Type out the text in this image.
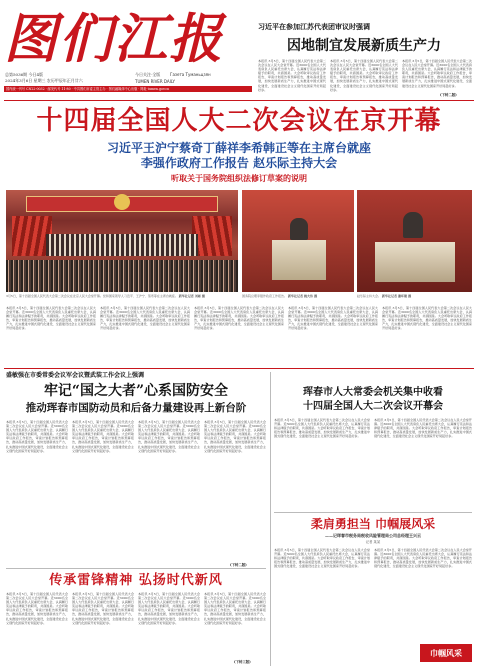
图们江报
总第5036期 今日4版
2024年3月6日 星期三 农历甲辰年正月廿六
今日关注·全版 Газета Туманьцзян
TUMEN RIVER DAILY
国内统一刊号 CN22-0032 · 邮发代号 11-80 · 中共图们市委主管主办 · 图们融媒体中心出版 · 网址 tumen.gov.cn
习近平在参加江苏代表团审议时强调
因地制宜发展新质生产力
本报讯 3月5日，第十四届全国人民代表大会第二次会议在人民大会堂开幕。近3000名全国人大代表肩负人民重托出席大会，认真履行宪法和法律赋予的职责，共商国是。大会听取审议政府工作报告，审查计划报告和预算报告，推动高质量发展，加快发展新质生产力，扎实推进中国式现代化建设，全面建设社会主义现代化国家开好局起好步。
本报讯 3月5日，第十四届全国人民代表大会第二次会议在人民大会堂开幕。近3000名全国人大代表肩负人民重托出席大会，认真履行宪法和法律赋予的职责，共商国是。大会听取审议政府工作报告，审查计划报告和预算报告，推动高质量发展，加快发展新质生产力，扎实推进中国式现代化建设，全面建设社会主义现代化国家开好局起好步。
本报讯 3月5日，第十四届全国人民代表大会第二次会议在人民大会堂开幕。近3000名全国人大代表肩负人民重托出席大会，认真履行宪法和法律赋予的职责，共商国是。大会听取审议政府工作报告，审查计划报告和预算报告，推动高质量发展，加快发展新质生产力，扎实推进中国式现代化建设，全面建设社会主义现代化国家开好局起好步。
(下转二版)
十四届全国人大二次会议在京开幕
习近平王沪宁蔡奇丁薛祥李希韩正等在主席台就座
李强作政府工作报告 赵乐际主持大会
听取关于国务院组织法修订草案的说明
3月5日，第十四届全国人民代表大会第二次会议在北京人民大会堂开幕。党和国家领导人习近平、王沪宁、蔡奇等在主席台就座。 新华社记者 刘彬 摄	国务院总理李强作政府工作报告。 新华社记者 姚大伟 摄	赵乐际主持大会。 新华社记者 谢环驰 摄
本报讯 3月5日，第十四届全国人民代表大会第二次会议在人民大会堂开幕。近3000名全国人大代表肩负人民重托出席大会，认真履行宪法和法律赋予的职责，共商国是。大会听取审议政府工作报告，审查计划报告和预算报告，推动高质量发展，加快发展新质生产力，扎实推进中国式现代化建设，全面建设社会主义现代化国家开好局起好步。
本报讯 3月5日，第十四届全国人民代表大会第二次会议在人民大会堂开幕。近3000名全国人大代表肩负人民重托出席大会，认真履行宪法和法律赋予的职责，共商国是。大会听取审议政府工作报告，审查计划报告和预算报告，推动高质量发展，加快发展新质生产力，扎实推进中国式现代化建设，全面建设社会主义现代化国家开好局起好步。
本报讯 3月5日，第十四届全国人民代表大会第二次会议在人民大会堂开幕。近3000名全国人大代表肩负人民重托出席大会，认真履行宪法和法律赋予的职责，共商国是。大会听取审议政府工作报告，审查计划报告和预算报告，推动高质量发展，加快发展新质生产力，扎实推进中国式现代化建设，全面建设社会主义现代化国家开好局起好步。
本报讯 3月5日，第十四届全国人民代表大会第二次会议在人民大会堂开幕。近3000名全国人大代表肩负人民重托出席大会，认真履行宪法和法律赋予的职责，共商国是。大会听取审议政府工作报告，审查计划报告和预算报告，推动高质量发展，加快发展新质生产力，扎实推进中国式现代化建设，全面建设社会主义现代化国家开好局起好步。
本报讯 3月5日，第十四届全国人民代表大会第二次会议在人民大会堂开幕。近3000名全国人大代表肩负人民重托出席大会，认真履行宪法和法律赋予的职责，共商国是。大会听取审议政府工作报告，审查计划报告和预算报告，推动高质量发展，加快发展新质生产力，扎实推进中国式现代化建设，全面建设社会主义现代化国家开好局起好步。
盛敏强在市委常委会议军会议暨武装工作会议上强调
牢记“国之大者”心系国防安全
推动珲春市国防动员和后备力量建设再上新台阶
本报讯 3月5日，第十四届全国人民代表大会第二次会议在人民大会堂开幕。近3000名全国人大代表肩负人民重托出席大会，认真履行宪法和法律赋予的职责，共商国是。大会听取审议政府工作报告，审查计划报告和预算报告，推动高质量发展，加快发展新质生产力，扎实推进中国式现代化建设，全面建设社会主义现代化国家开好局起好步。
本报讯 3月5日，第十四届全国人民代表大会第二次会议在人民大会堂开幕。近3000名全国人大代表肩负人民重托出席大会，认真履行宪法和法律赋予的职责，共商国是。大会听取审议政府工作报告，审查计划报告和预算报告，推动高质量发展，加快发展新质生产力，扎实推进中国式现代化建设，全面建设社会主义现代化国家开好局起好步。
本报讯 3月5日，第十四届全国人民代表大会第二次会议在人民大会堂开幕。近3000名全国人大代表肩负人民重托出席大会，认真履行宪法和法律赋予的职责，共商国是。大会听取审议政府工作报告，审查计划报告和预算报告，推动高质量发展，加快发展新质生产力，扎实推进中国式现代化建设，全面建设社会主义现代化国家开好局起好步。
本报讯 3月5日，第十四届全国人民代表大会第二次会议在人民大会堂开幕。近3000名全国人大代表肩负人民重托出席大会，认真履行宪法和法律赋予的职责，共商国是。大会听取审议政府工作报告，审查计划报告和预算报告，推动高质量发展，加快发展新质生产力，扎实推进中国式现代化建设，全面建设社会主义现代化国家开好局起好步。
(下转二版)
珲春市人大常委会机关集中收看
十四届全国人大二次会议开幕会
本报讯 3月5日，第十四届全国人民代表大会第二次会议在人民大会堂开幕。近3000名全国人大代表肩负人民重托出席大会，认真履行宪法和法律赋予的职责，共商国是。大会听取审议政府工作报告，审查计划报告和预算报告，推动高质量发展，加快发展新质生产力，扎实推进中国式现代化建设，全面建设社会主义现代化国家开好局起好步。
本报讯 3月5日，第十四届全国人民代表大会第二次会议在人民大会堂开幕。近3000名全国人大代表肩负人民重托出席大会，认真履行宪法和法律赋予的职责，共商国是。大会听取审议政府工作报告，审查计划报告和预算报告，推动高质量发展，加快发展新质生产力，扎实推进中国式现代化建设，全面建设社会主义现代化国家开好局起好步。
柔肩勇担当 巾帼展风采
——记珲春市税务局税收风险管理局公司总经理王兴云
记者 某某
本报讯 3月5日，第十四届全国人民代表大会第二次会议在人民大会堂开幕。近3000名全国人大代表肩负人民重托出席大会，认真履行宪法和法律赋予的职责，共商国是。大会听取审议政府工作报告，审查计划报告和预算报告，推动高质量发展，加快发展新质生产力，扎实推进中国式现代化建设，全面建设社会主义现代化国家开好局起好步。
本报讯 3月5日，第十四届全国人民代表大会第二次会议在人民大会堂开幕。近3000名全国人大代表肩负人民重托出席大会，认真履行宪法和法律赋予的职责，共商国是。大会听取审议政府工作报告，审查计划报告和预算报告，推动高质量发展，加快发展新质生产力，扎实推进中国式现代化建设，全面建设社会主义现代化国家开好局起好步。
巾帼风采
传承雷锋精神 弘扬时代新风
本报讯 3月5日，第十四届全国人民代表大会第二次会议在人民大会堂开幕。近3000名全国人大代表肩负人民重托出席大会，认真履行宪法和法律赋予的职责，共商国是。大会听取审议政府工作报告，审查计划报告和预算报告，推动高质量发展，加快发展新质生产力，扎实推进中国式现代化建设，全面建设社会主义现代化国家开好局起好步。
本报讯 3月5日，第十四届全国人民代表大会第二次会议在人民大会堂开幕。近3000名全国人大代表肩负人民重托出席大会，认真履行宪法和法律赋予的职责，共商国是。大会听取审议政府工作报告，审查计划报告和预算报告，推动高质量发展，加快发展新质生产力，扎实推进中国式现代化建设，全面建设社会主义现代化国家开好局起好步。
本报讯 3月5日，第十四届全国人民代表大会第二次会议在人民大会堂开幕。近3000名全国人大代表肩负人民重托出席大会，认真履行宪法和法律赋予的职责，共商国是。大会听取审议政府工作报告，审查计划报告和预算报告，推动高质量发展，加快发展新质生产力，扎实推进中国式现代化建设，全面建设社会主义现代化国家开好局起好步。
本报讯 3月5日，第十四届全国人民代表大会第二次会议在人民大会堂开幕。近3000名全国人大代表肩负人民重托出席大会，认真履行宪法和法律赋予的职责，共商国是。大会听取审议政府工作报告，审查计划报告和预算报告，推动高质量发展，加快发展新质生产力，扎实推进中国式现代化建设，全面建设社会主义现代化国家开好局起好步。
(下转三版)
